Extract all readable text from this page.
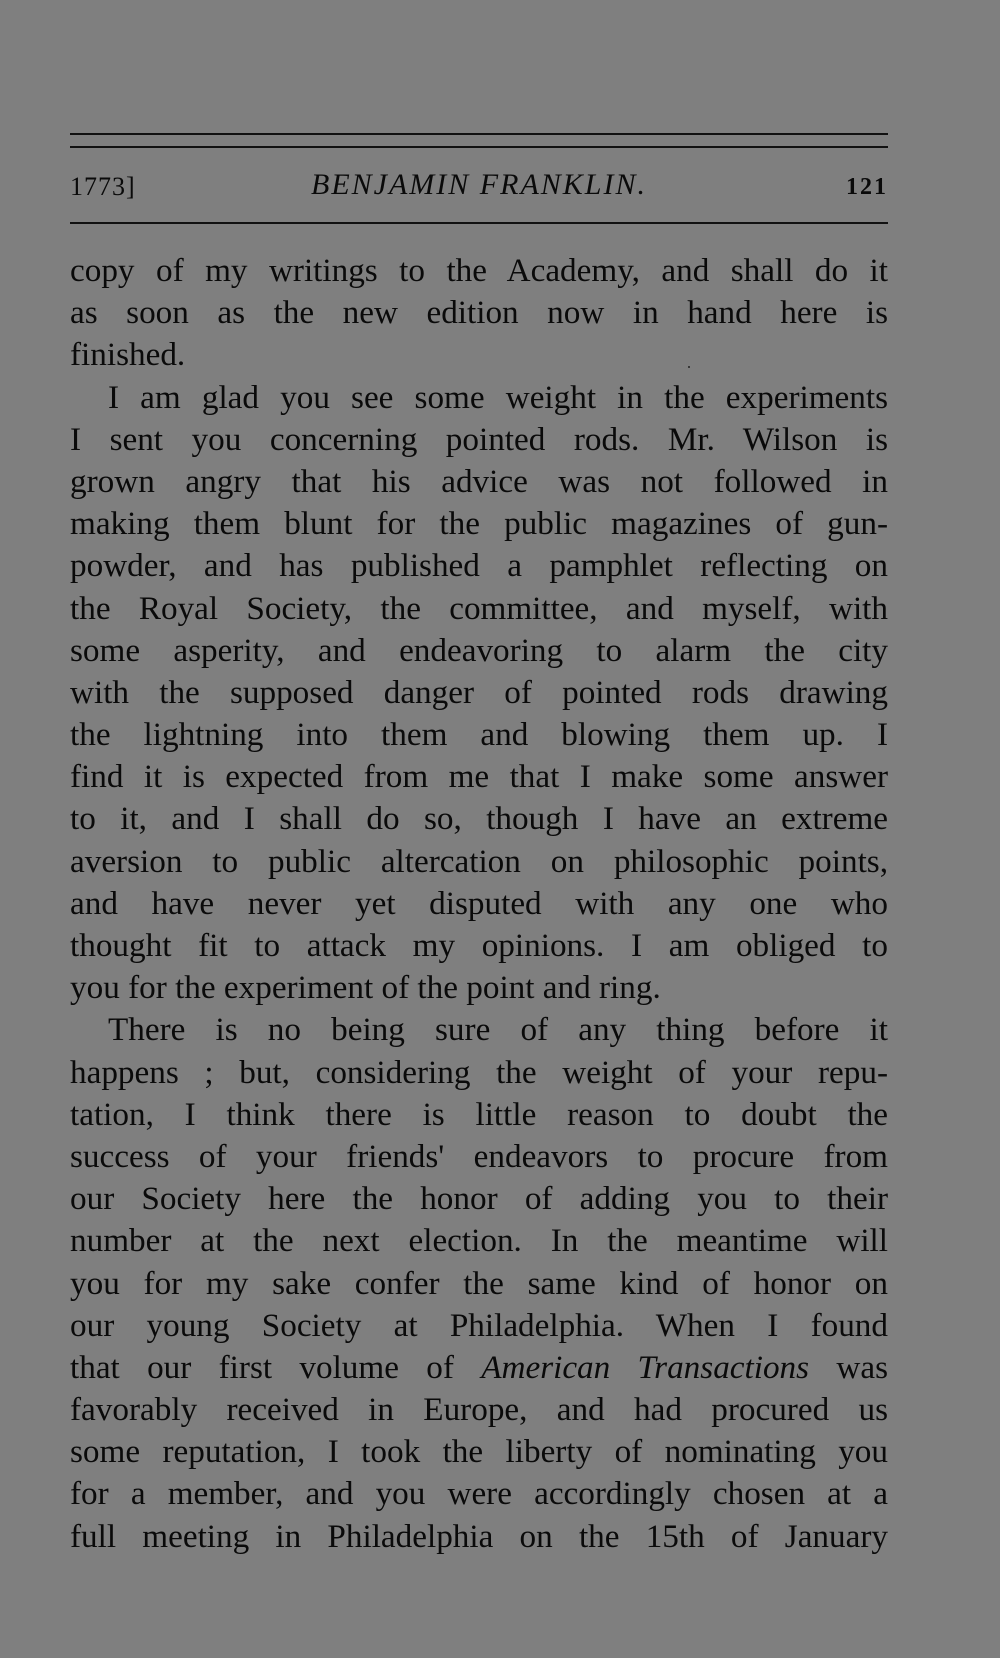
1773]	BENJAMIN FRANKLIN.	121
copy of my writings to the Academy, and shall do it
as soon as the new edition now in hand here is
finished.
I am glad you see some weight in the experiments
I sent you concerning pointed rods. Mr. Wilson is
grown angry that his advice was not followed in
making them blunt for the public magazines of gun-
powder, and has published a pamphlet reflecting on
the Royal Society, the committee, and myself, with
some asperity, and endeavoring to alarm the city
with the supposed danger of pointed rods drawing
the lightning into them and blowing them up. I
find it is expected from me that I make some answer
to it, and I shall do so, though I have an extreme
aversion to public altercation on philosophic points,
and have never yet disputed with any one who
thought fit to attack my opinions. I am obliged to
you for the experiment of the point and ring.
There is no being sure of any thing before it
happens ; but, considering the weight of your repu-
tation, I think there is little reason to doubt the
success of your friends' endeavors to procure from
our Society here the honor of adding you to their
number at the next election. In the meantime will
you for my sake confer the same kind of honor on
our young Society at Philadelphia. When I found
that our first volume of American Transactions was
favorably received in Europe, and had procured us
some reputation, I took the liberty of nominating you
for a member, and you were accordingly chosen at a
full meeting in Philadelphia on the 15th of January
